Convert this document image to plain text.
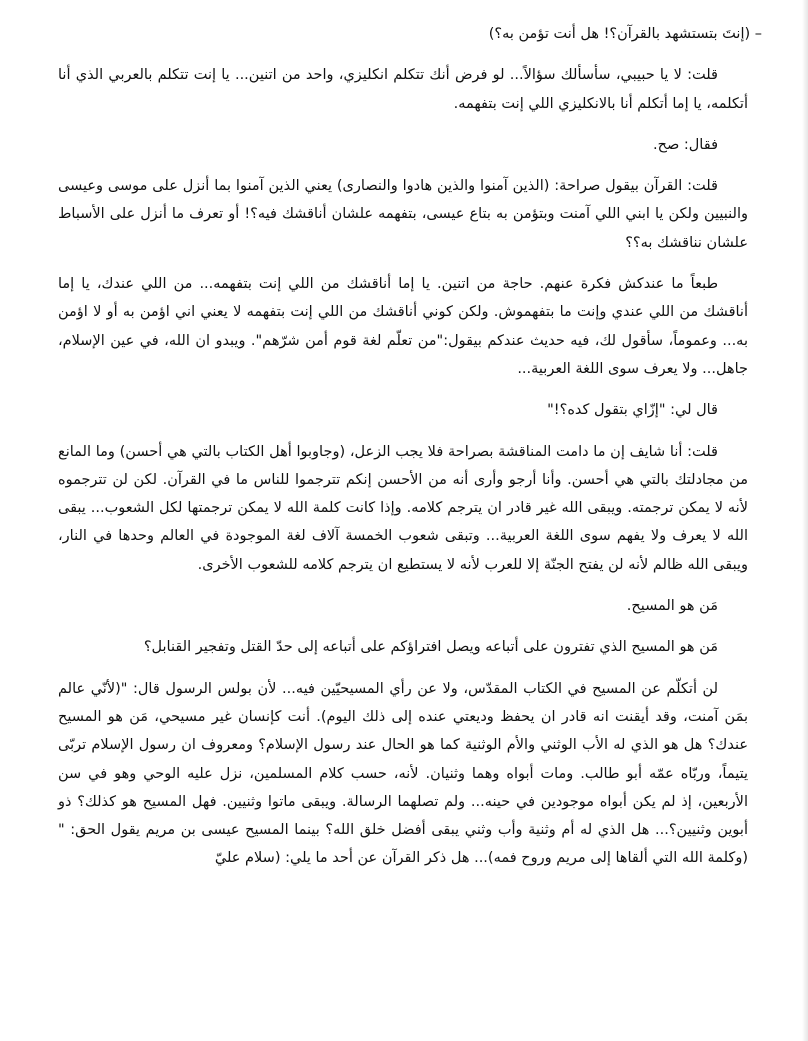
– (إنتَ بتستشهد بالقرآن؟! هل أنت تؤمن به؟)

قلت: لا يا حبيبي، سأسألك سؤالاً... لو فرض أنك تتكلم انكليزي، واحد من اتنين... يا إنت تتكلم بالعربي الذي أنا أتكلمه، يا إما أتكلم أنا بالانكليزي اللي إنت بتفهمه.

فقال: صح.

قلت: القرآن بيقول صراحة: (الذين آمنوا والذين هادوا والنصارى) يعني الذين آمنوا بما أنزل على موسى وعيسى والنبيين ولكن يا ابني اللي آمنت وبتؤمن به بتاع عيسى، بتفهمه علشان أناقشك فيه؟! أو تعرف ما أنزل على الأسباط علشان نناقشك به؟؟

طبعاً ما عندكش فكرة عنهم. حاجة من اتنين. يا إما أناقشك من اللي إنت بتفهمه... من اللي عندك، يا إما أناقشك من اللي عندي وإنت ما بتفهموش. ولكن كوني أناقشك من اللي إنت بتفهمه لا يعني اني اؤمن به أو لا اؤمن به... وعموماً، سأقول لك، فيه حديث عندكم بيقول:"من تعلّم لغة قوم أمن شرّهم". ويبدو ان الله، في عين الإسلام، جاهل... ولا يعرف سوى اللغة العربية...

قال لي: "إزّاي بتقول كده؟!"

قلت: أنا شايف إن ما دامت المناقشة بصراحة فلا يجب الزعل، (وجاوبوا أهل الكتاب بالتي هي أحسن) وما المانع من مجادلتك بالتي هي أحسن. وأنا أرجو وأرى أنه من الأحسن إنكم تترجموا للناس ما في القرآن. لكن لن تترجموه لأنه لا يمكن ترجمته. ويبقى الله غير قادر ان يترجم كلامه. وإذا كانت كلمة الله لا يمكن ترجمتها لكل الشعوب... يبقى الله لا يعرف ولا يفهم سوى اللغة العربية... وتبقى شعوب الخمسة آلاف لغة الموجودة في العالم وحدها في النار، ويبقى الله ظالم لأنه لن يفتح الجنّة إلا للعرب لأنه لا يستطيع ان يترجم كلامه للشعوب الأخرى.

مَن هو المسيح.

مَن هو المسيح الذي تفترون على أتباعه ويصل افتراؤكم على أتباعه إلى حدّ القتل وتفجير القنابل؟

لن أتكلّم عن المسيح في الكتاب المقدّس، ولا عن رأي المسيحيّين فيه... لأن بولس الرسول قال: "(لأنّي عالم بمَن آمنت، وقد أيقنت انه قادر ان يحفظ وديعتي عنده إلى ذلك اليوم). أنت كإنسان غير مسيحي، مَن هو المسيح عندك؟ هل هو الذي له الأب الوثني والأم الوثنية كما هو الحال عند رسول الإسلام؟ ومعروف ان رسول الإسلام تربّى يتيماً، وربّاه عمّه أبو طالب. ومات أبواه وهما وثنيان. لأنه، حسب كلام المسلمين، نزل عليه الوحي وهو في سن الأربعين، إذ لم يكن أبواه موجودين في حينه... ولم تصلهما الرسالة. ويبقى ماتوا وثنيين. فهل المسيح هو كذلك؟ ذو أبوين وثنيين؟... هل الذي له أم وثنية وأب وثني يبقى أفضل خلق الله؟ بينما المسيح عيسى بن مريم يقول الحق: "(وكلمة الله التي ألقاها إلى مريم وروح فمه)... هل ذكر القرآن عن أحد ما يلي: (سلام عليّ
